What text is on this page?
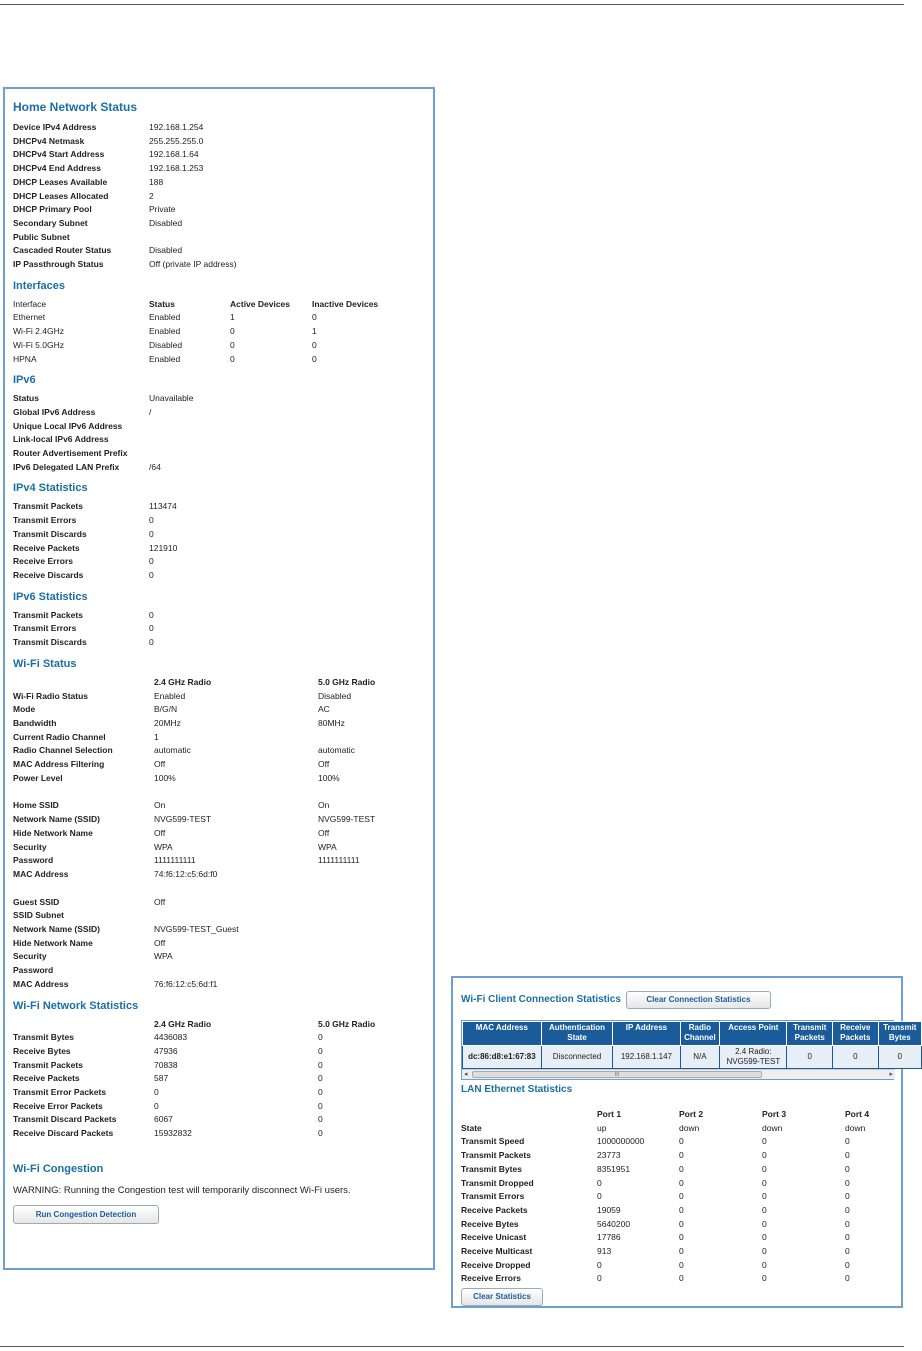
Home Network Status
Device IPv4 Address	192.168.1.254
DHCPv4 Netmask	255.255.255.0
DHCPv4 Start Address	192.168.1.64
DHCPv4 End Address	192.168.1.253
DHCP Leases Available	188
DHCP Leases Allocated	2
DHCP Primary Pool	Private
Secondary Subnet	Disabled
Public Subnet	
Cascaded Router Status	Disabled
IP Passthrough Status	Off (private IP address)
Interfaces
Interface	Status	Active Devices	Inactive Devices
Ethernet	Enabled	1	0
Wi-Fi 2.4GHz	Enabled	0	1
Wi-Fi 5.0GHz	Disabled	0	0
HPNA	Enabled	0	0
IPv6
Status	Unavailable
Global IPv6 Address	/
Unique Local IPv6 Address	
Link-local IPv6 Address	
Router Advertisement Prefix	
IPv6 Delegated LAN Prefix	/64
IPv4 Statistics
Transmit Packets	113474
Transmit Errors	0
Transmit Discards	0
Receive Packets	121910
Receive Errors	0
Receive Discards	0
IPv6 Statistics
Transmit Packets	0
Transmit Errors	0
Transmit Discards	0
Wi-Fi Status
	2.4 GHz Radio	5.0 GHz Radio
Wi-Fi Radio Status	Enabled	Disabled
Mode	B/G/N	AC
Bandwidth	20MHz	80MHz
Current Radio Channel	1	
Radio Channel Selection	automatic	automatic
MAC Address Filtering	Off	Off
Power Level	100%	100%
Home SSID	On	On
Network Name (SSID)	NVG599-TEST	NVG599-TEST
Hide Network Name	Off	Off
Security	WPA	WPA
Password	1111111111	1111111111
MAC Address	74:f6:12:c5:6d:f0	
Guest SSID	Off	
SSID Subnet		
Network Name (SSID)	NVG599-TEST_Guest	
Hide Network Name	Off	
Security	WPA	
Password		
MAC Address	76:f6:12:c5:6d:f1	
Wi-Fi Network Statistics
	2.4 GHz Radio	5.0 GHz Radio
Transmit Bytes	4436083	0
Receive Bytes	47936	0
Transmit Packets	70838	0
Receive Packets	587	0
Transmit Error Packets	0	0
Receive Error Packets	0	0
Transmit Discard Packets	6067	0
Receive Discard Packets	15932832	0
Wi-Fi Congestion
WARNING: Running the Congestion test will temporarily disconnect Wi-Fi users.
Run Congestion Detection
Wi-Fi Client Connection Statistics	Clear Connection Statistics
MAC Address	Authentication State	IP Address	Radio Channel	Access Point	Transmit Packets	Receive Packets	Transmit Bytes
dc:86:d8:e1:67:83	Disconnected	192.168.1.147	N/A	2.4 Radio: NVG599-TEST	0	0	0
◂	III	▸
LAN Ethernet Statistics
	Port 1	Port 2	Port 3	Port 4
State	up	down	down	down
Transmit Speed	1000000000	0	0	0
Transmit Packets	23773	0	0	0
Transmit Bytes	8351951	0	0	0
Transmit Dropped	0	0	0	0
Transmit Errors	0	0	0	0
Receive Packets	19059	0	0	0
Receive Bytes	5640200	0	0	0
Receive Unicast	17786	0	0	0
Receive Multicast	913	0	0	0
Receive Dropped	0	0	0	0
Receive Errors	0	0	0	0
Clear Statistics
